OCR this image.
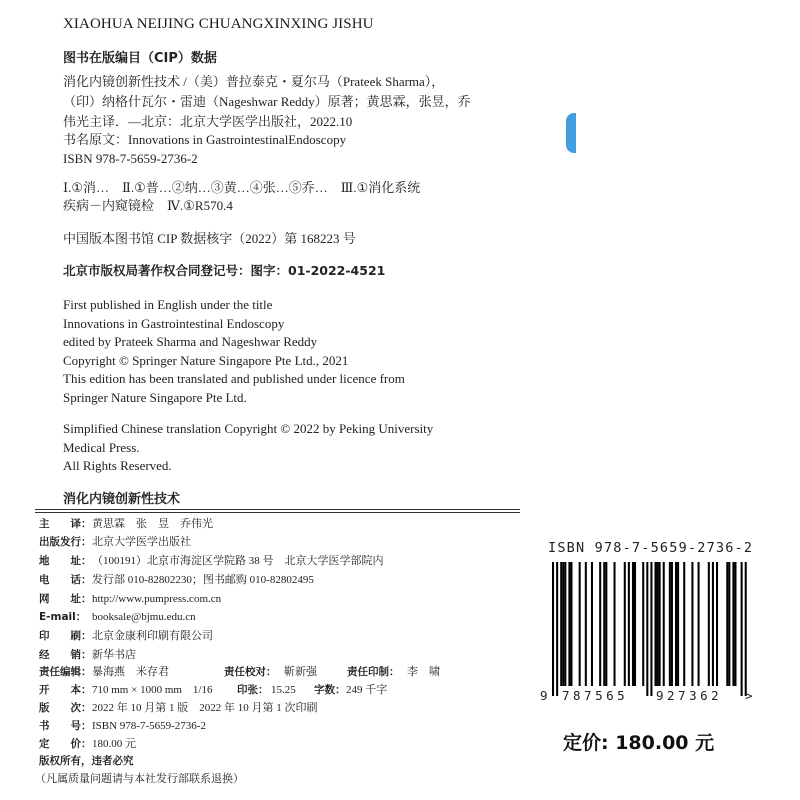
XIAOHUA NEIJING CHUANGXINXING JISHU
图书在版编目（CIP）数据
消化内镜创新性技术 /（美）普拉泰克・夏尔马（Prateek Sharma），
（印）纳格什瓦尔・雷迪（Nageshwar Reddy）原著；黄思霖，张昱，乔
伟光主译．—北京：北京大学医学出版社，2022.10
书名原文：Innovations in GastrointestinalEndoscopy
ISBN 978-7-5659-2736-2
Ⅰ.①消…　Ⅱ.①普…②纳…③黄…④张…⑤乔…　Ⅲ.①消化系统
疾病－内窥镜检　Ⅳ.①R570.4
中国版本图书馆 CIP 数据核字（2022）第 168223 号
北京市版权局著作权合同登记号：图字：01-2022-4521
First published in English under the title
Innovations in Gastrointestinal Endoscopy
edited by Prateek Sharma and Nageshwar Reddy
Copyright © Springer Nature Singapore Pte Ltd., 2021
This edition has been translated and published under licence from
Springer Nature Singapore Pte Ltd.
Simplified Chinese translation Copyright © 2022 by Peking University
Medical Press.
All Rights Reserved.
消化内镜创新性技术
主　　译： 黄思霖　张　昱　乔伟光
出版发行： 北京大学医学出版社
地　　址： （100191）北京市海淀区学院路 38 号　北京大学医学部院内
电　　话： 发行部 010-82802230；图书邮购 010-82802495
网　　址： http://www.pumpress.com.cn
E-mail： booksale@bjmu.edu.cn
印　　刷： 北京金康利印刷有限公司
经　　销： 新华书店
责任编辑： 暴海燕　米存君	责任校对： 靳新强	责任印制： 李　啸
开　　本： 710 mm × 1000 mm　1/16 印张： 15.25 字数： 249 千字
版　　次： 2022 年 10 月第 1 版　2022 年 10 月第 1 次印刷
书　　号： ISBN 978-7-5659-2736-2
定　　价： 180.00 元
版权所有，违者必究
（凡属质量问题请与本社发行部联系退换）
ISBN 978-7-5659-2736-2
9 787565 927362 >
定价: 180.00 元
